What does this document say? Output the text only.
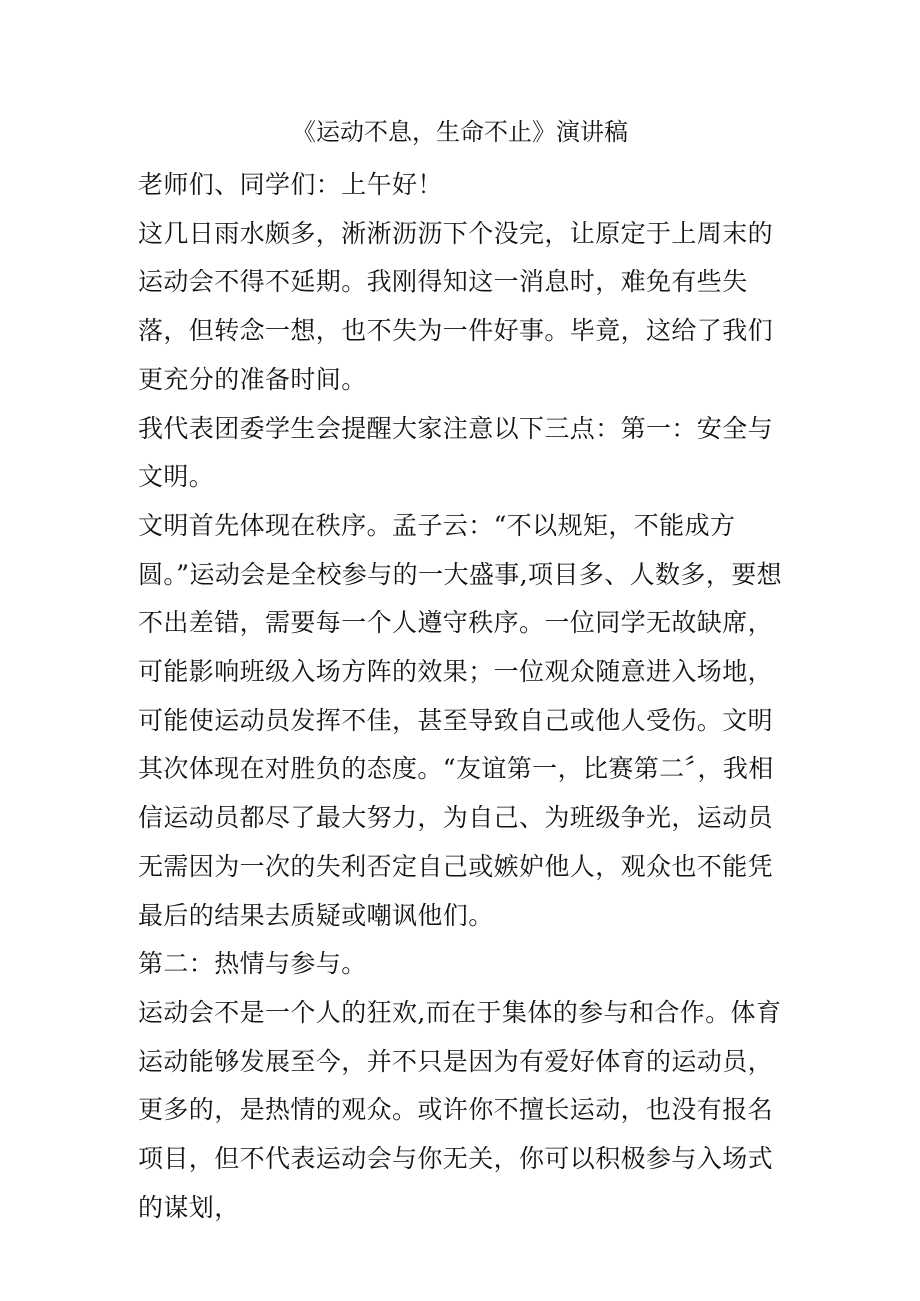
《运动不息，生命不止》演讲稿

老师们、同学们：上午好！

这几日雨水颇多，淅淅沥沥下个没完，让原定于上周末的运动会不得不延期。我刚得知这一消息时，难免有些失落，但转念一想，也不失为一件好事。毕竟，这给了我们更充分的准备时间。

我代表团委学生会提醒大家注意以下三点：第一：安全与文明。

文明首先体现在秩序。孟子云：“不以规矩，不能成方圆。”运动会是全校参与的一大盛事,项目多、人数多，要想不出差错，需要每一个人遵守秩序。一位同学无故缺席，可能影响班级入场方阵的效果；一位观众随意进入场地，可能使运动员发挥不佳，甚至导致自己或他人受伤。文明其次体现在对胜负的态度。“友谊第一，比赛第二〞，我相信运动员都尽了最大努力，为自己、为班级争光，运动员无需因为一次的失利否定自己或嫉妒他人，观众也不能凭最后的结果去质疑或嘲讽他们。

第二：热情与参与。

运动会不是一个人的狂欢,而在于集体的参与和合作。体育运动能够发展至今，并不只是因为有爱好体育的运动员，更多的，是热情的观众。或许你不擅长运动，也没有报名项目，但不代表运动会与你无关，你可以积极参与入场式的谋划，
